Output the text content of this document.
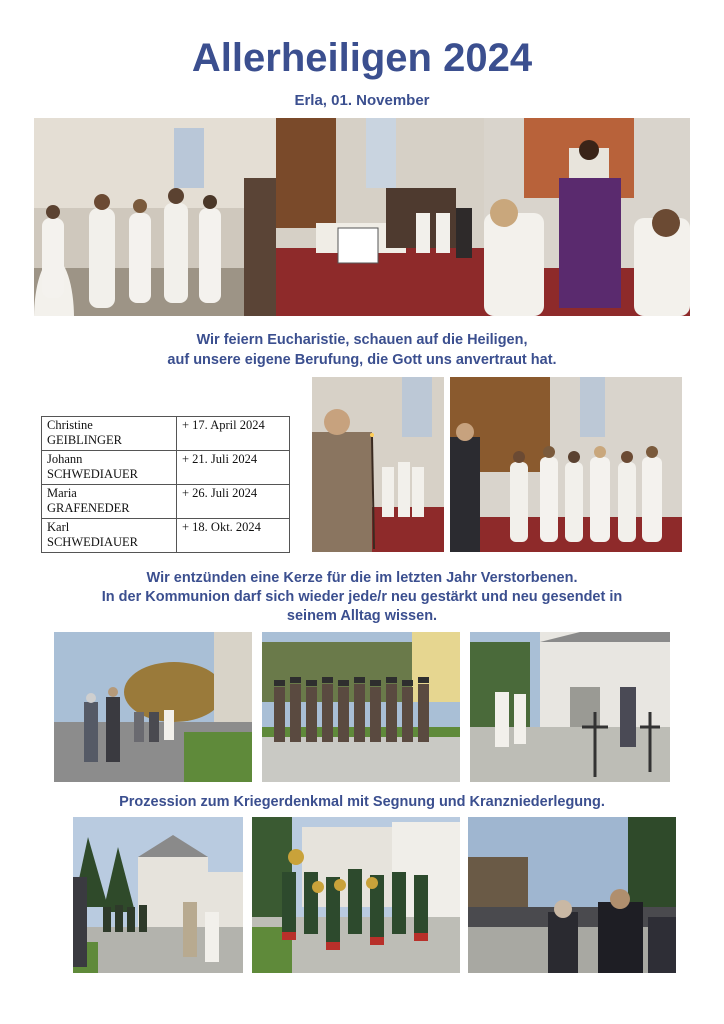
Allerheiligen 2024
Erla, 01. November
Wir feiern Eucharistie, schauen auf die Heiligen,
auf unsere eigene Berufung, die Gott uns anvertraut hat.
Christine
GEIBLINGER	+ 17. April 2024
Johann
SCHWEDIAUER	+ 21. Juli 2024
Maria
GRAFENEDER	+ 26. Juli 2024
Karl
SCHWEDIAUER	+ 18. Okt. 2024
Wir entzünden eine Kerze für die im letzten Jahr Verstorbenen.
In der Kommunion darf sich wieder jede/r neu gestärkt und neu gesendet in
seinem Alltag wissen.
Prozession zum Kriegerdenkmal mit Segnung und Kranzniederlegung.
